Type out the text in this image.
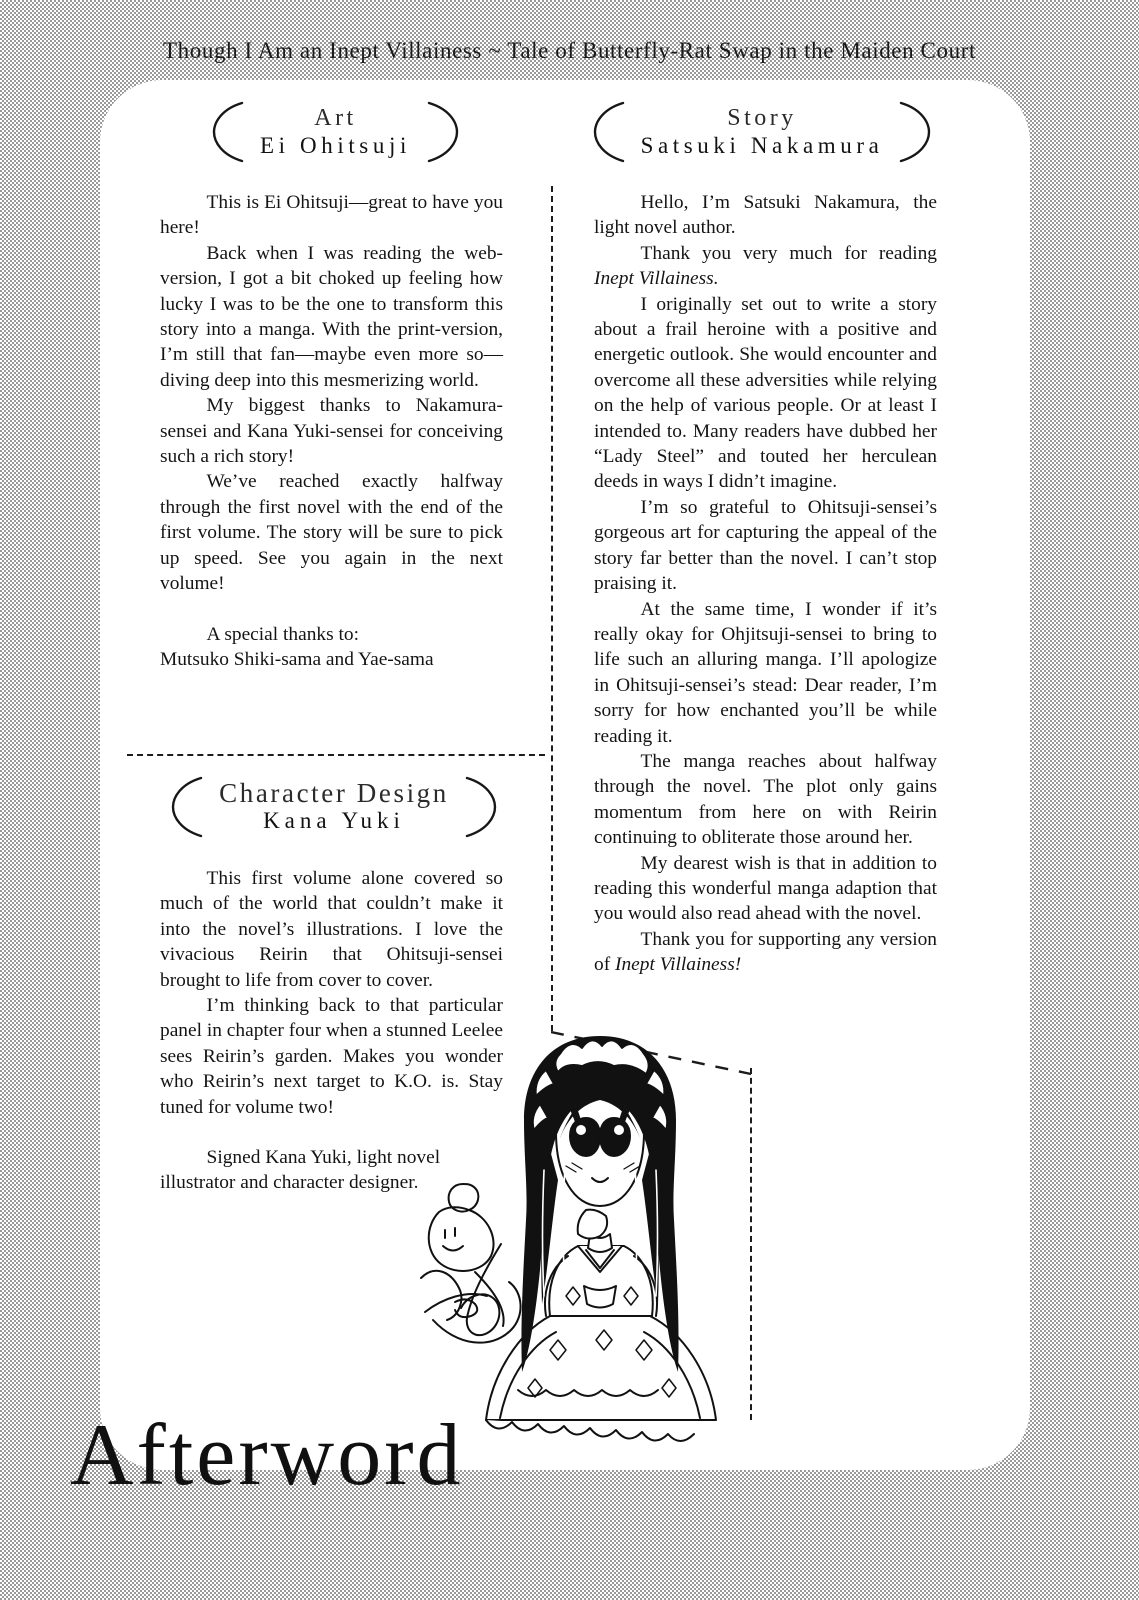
Though I Am an Inept Villainess ~ Tale of Butterfly-Rat Swap in the Maiden Court
Art
Ei Ohitsuji
Story
Satsuki Nakamura
Character Design
Kana Yuki

This is Ei Ohitsuji—great to have you here!

Back when I was reading the web-version, I got a bit choked up feeling how lucky I was to be the one to transform this story into a manga. With the print-version, I’m still that fan—maybe even more so—diving deep into this mesmerizing world.

My biggest thanks to Nakamura-sensei and Kana Yuki-sensei for conceiving such a rich story!

We’ve reached exactly halfway through the first novel with the end of the first volume. The story will be sure to pick up speed. See you again in the next volume!

A special thanks to:

Mutsuko Shiki-sama and Yae-sama

This first volume alone covered so much of the world that couldn’t make it into the novel’s illustrations. I love the vivacious Reirin that Ohitsuji-sensei brought to life from cover to cover.

I’m thinking back to that particular panel in chapter four when a stunned Leelee sees Reirin’s garden. Makes you wonder who Reirin’s next target to K.O. is. Stay tuned for volume two!

Signed Kana Yuki, light novel

illustrator and character designer.

Hello, I’m Satsuki Nakamura, the light novel author.

Thank you very much for reading Inept Villainess.

I originally set out to write a story about a frail heroine with a positive and energetic outlook. She would encounter and overcome all these adversities while relying on the help of various people. Or at least I intended to. Many readers have dubbed her “Lady Steel” and touted her herculean deeds in ways I didn’t imagine.

I’m so grateful to Ohitsuji-sensei’s gorgeous art for capturing the appeal of the story far better than the novel. I can’t stop praising it.

At the same time, I wonder if it’s really okay for Ohjitsuji-sensei to bring to life such an alluring manga. I’ll apologize in Ohitsuji-sensei’s stead: Dear reader, I’m sorry for how enchanted you’ll be while reading it.

The manga reaches about halfway through the novel. The plot only gains momentum from here on with Reirin continuing to obliterate those around her.

My dearest wish is that in addition to reading this wonderful manga adaption that you would also read ahead with the novel.

Thank you for supporting any version of Inept Villainess!

Afterword
